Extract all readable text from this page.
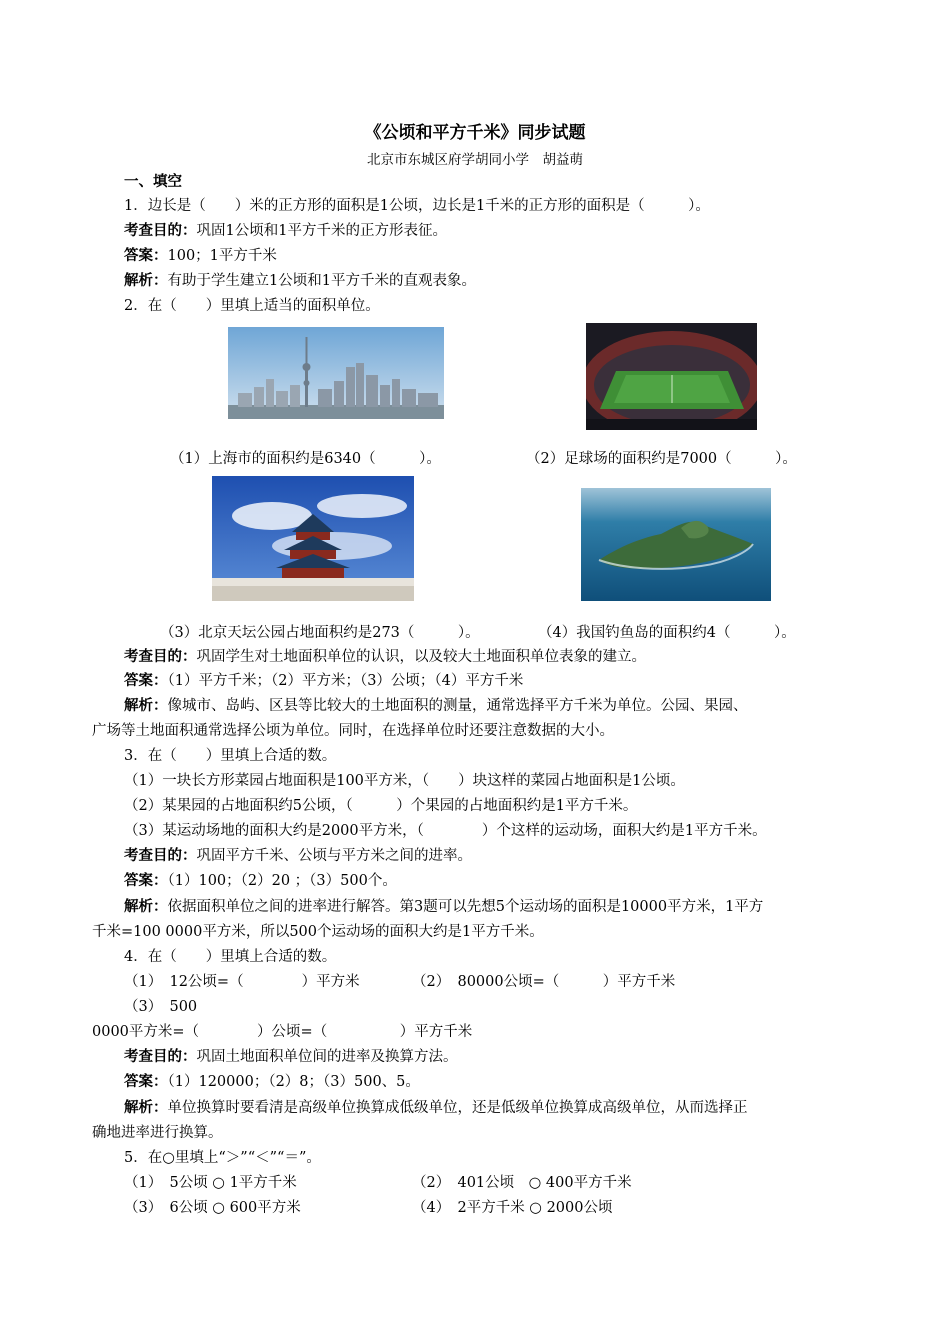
《公顷和平方千米》同步试题
北京市东城区府学胡同小学　胡益萌
一、填空
1．边长是（　　）米的正方形的面积是1公顷，边长是1千米的正方形的面积是（　　　）。
考查目的：巩固1公顷和1平方千米的正方形表征。
答案：100；1平方千米
解析：有助于学生建立1公顷和1平方千米的直观表象。
2．在（　　）里填上适当的面积单位。
（1）上海市的面积约是6340（　　　）。	（2）足球场的面积约是7000（　　　）。
（3）北京天坛公园占地面积约是273（　　　）。	（4）我国钓鱼岛的面积约4（　　　）。
考查目的：巩固学生对土地面积单位的认识，以及较大土地面积单位表象的建立。
答案：（1）平方千米；（2）平方米；（3）公顷；（4）平方千米
解析：像城市、岛屿、区县等比较大的土地面积的测量，通常选择平方千米为单位。公园、果园、
广场等土地面积通常选择公顷为单位。同时，在选择单位时还要注意数据的大小。
3．在（　　）里填上合适的数。
（1）一块长方形菜园占地面积是100平方米，（　　）块这样的菜园占地面积是1公顷。
（2）某果园的占地面积约5公顷，（　　　）个果园的占地面积约是1平方千米。
（3）某运动场地的面积大约是2000平方米，（　　　　）个这样的运动场，面积大约是1平方千米。
考查目的：巩固平方千米、公顷与平方米之间的进率。
答案：（1）100；（2）20 ；（3）500个。
解析：依据面积单位之间的进率进行解答。第3题可以先想5个运动场的面积是10000平方米，1平方
千米=100 0000平方米，所以500个运动场的面积大约是1平方千米。
4．在（　　）里填上合适的数。
（1）　12公顷=（　　　　）平方米	（2）　80000公顷=（　　　）平方千米
（3）　500
0000平方米=（　　　　）公顷=（　　　　　）平方千米
考查目的：巩固土地面积单位间的进率及换算方法。
答案：（1）120000；（2）8；（3）500、5。
解析：单位换算时要看清是高级单位换算成低级单位，还是低级单位换算成高级单位，从而选择正
确地进率进行换算。
5．在○里填上“＞”“＜”“＝”。
（1）　5公顷 ○ 1平方千米	（2）　401公顷　○ 400平方千米
（3）　6公顷 ○ 600平方米	（4）　2平方千米 ○ 2000公顷
